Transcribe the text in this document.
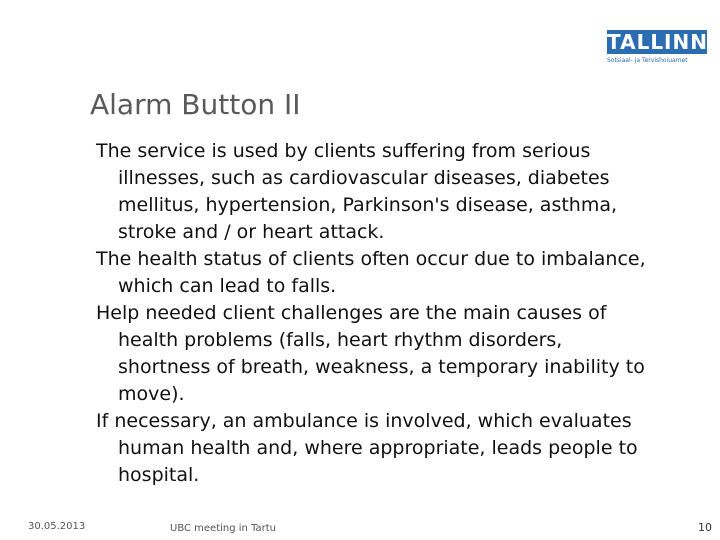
TALLINN
Sotsiaal- ja Tervishoiuamet
Alarm Button II
The service is used by clients suffering from serious illnesses, such as cardiovascular diseases, diabetes mellitus, hypertension, Parkinson's disease, asthma, stroke and / or heart attack.
The health status of clients often occur due to imbalance, which can lead to falls.
Help needed client challenges are the main causes of health problems (falls, heart rhythm disorders, shortness of breath, weakness, a temporary inability to move).
If necessary, an ambulance is involved, which evaluates human health and, where appropriate, leads people to hospital.
30.05.2013	UBC meeting in Tartu	10
